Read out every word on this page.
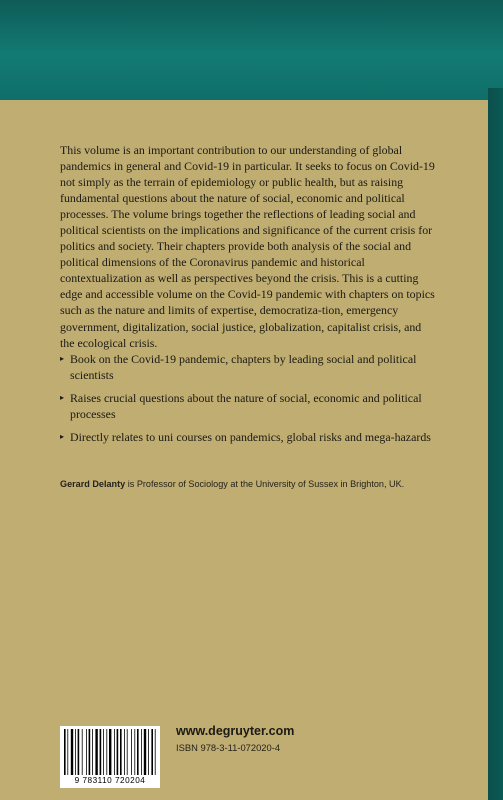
This volume is an important contribution to our understanding of global pandemics in general and Covid-19 in particular. It seeks to focus on Covid-19 not simply as the terrain of epidemiology or public health, but as raising fundamental questions about the nature of social, economic and political processes. The volume brings together the reflections of leading social and political scientists on the implications and significance of the current crisis for politics and society. Their chapters provide both analysis of the social and political dimensions of the Coronavirus pandemic and historical contextualization as well as perspectives beyond the crisis. This is a cutting edge and accessible volume on the Covid-19 pandemic with chapters on topics such as the nature and limits of expertise, democratiza-tion, emergency government, digitalization, social justice, globalization, capitalist crisis, and the ecological crisis.

▸ Book on the Covid-19 pandemic, chapters by leading social and political scientists
▸ Raises crucial questions about the nature of social, economic and political processes
▸ Directly relates to uni courses on pandemics, global risks and mega-hazards

Gerard Delanty is Professor of Sociology at the University of Sussex in Brighton, UK.

9 783110 720204
www.degruyter.com
ISBN 978-3-11-072020-4
